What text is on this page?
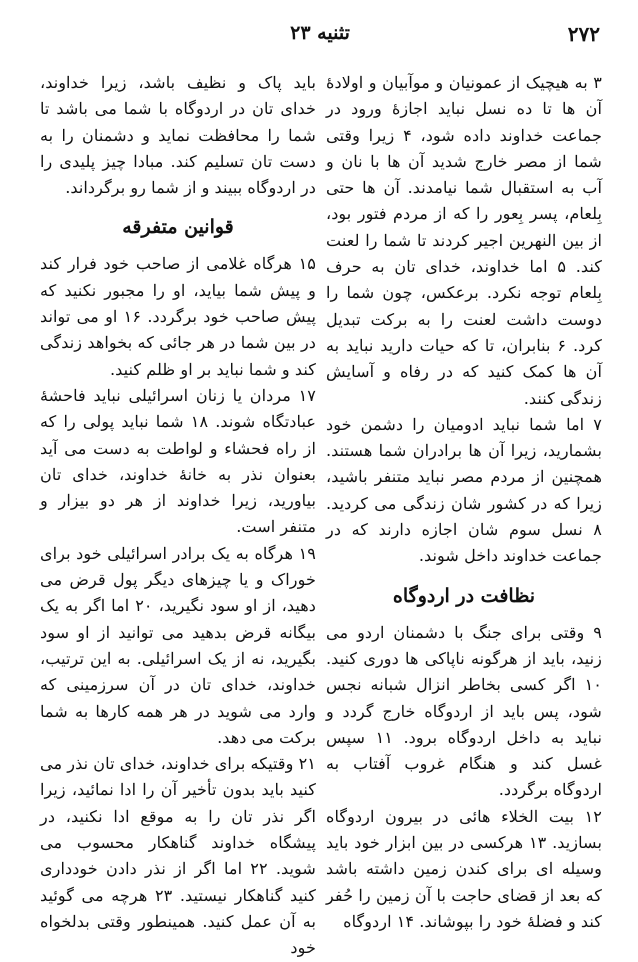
۲۷۲
تثنیه ۲۳

۳ به هیچیک از عمونیان و موآبیان و اولادهٔ آن ها تا ده نسل نباید اجازهٔ ورود در جماعت خداوند داده شود، ۴ زیرا وقتی شما از مصر خارج شدید آن ها با نان و آب به استقبال شما نیامدند. آن ها حتی بِلعام، پسر بِعور را که از مردم فتور بود، از بین النهرین اجیر کردند تا شما را لعنت کند. ۵ اما خداوند، خدای تان به حرف بِلعام توجه نکرد. برعکس، چون شما را دوست داشت لعنت را به برکت تبدیل کرد. ۶ بنابران، تا که حیات دارید نباید به آن ها کمک کنید که در رفاه و آسایش زندگی کنند.

۷ اما شما نباید ادومیان را دشمن خود بشمارید، زیرا آن ها برادران شما هستند. همچنین از مردم مصر نباید متنفر باشید، زیرا که در کشور شان زندگی می کردید. ۸ نسل سوم شان اجازه دارند که در جماعت خداوند داخل شوند.

نظافت در اردوگاه

۹ وقتی برای جنگ با دشمنان اردو می زنید، باید از هرگونه ناپاکی ها دوری کنید. ۱۰ اگر کسی بخاطر انزال شبانه نجس شود، پس باید از اردوگاه خارج گردد و نباید به داخل اردوگاه برود. ۱۱ سپس غسل کند و هنگام غروب آفتاب به اردوگاه برگردد.

۱۲ بیت الخلاء هائی در بیرون اردوگاه بسازید. ۱۳ هرکسی در بین ابزار خود باید وسیله ای برای کندن زمین داشته باشد که بعد از قضای حاجت با آن زمین را حُفر کند و فضلهٔ خود را بپوشاند. ۱۴ اردوگاه

باید پاک و نظیف باشد، زیرا خداوند، خدای تان در اردوگاه با شما می باشد تا شما را محافظت نماید و دشمنان را به دست تان تسلیم کند. مبادا چیز پلیدی را در اردوگاه ببیند و از شما رو برگرداند.

قوانین متفرقه

۱۵ هرگاه غلامی از صاحب خود فرار کند و پیش شما بیاید، او را مجبور نکنید که پیش صاحب خود برگردد. ۱۶ او می تواند در بین شما در هر جائی که بخواهد زندگی کند و شما نباید بر او ظلم کنید.

۱۷ مردان یا زنان اسرائیلی نباید فاحشهٔ عبادتگاه شوند. ۱۸ شما نباید پولی را که از راه فحشاء و لواطت به دست می آید بعنوان نذر به خانهٔ خداوند، خدای تان بیاورید، زیرا خداوند از هر دو بیزار و متنفر است.

۱۹ هرگاه به یک برادر اسرائیلی خود برای خوراک و یا چیزهای دیگر پول قرض می دهید، از او سود نگیرید، ۲۰ اما اگر به یک بیگانه قرض بدهید می توانید از او سود بگیرید، نه از یک اسرائیلی. به این ترتیب، خداوند، خدای تان در آن سرزمینی که وارد می شوید در هر همه کارها به شما برکت می دهد.

۲۱ وقتیکه برای خداوند، خدای تان نذر می کنید باید بدون تأخیر آن را ادا نمائید، زیرا اگر نذر تان را به موقع ادا نکنید، در پیشگاه خداوند گناهکار محسوب می شوید. ۲۲ اما اگر از نذر دادن خودداری کنید گناهکار نیستید. ۲۳ هرچه می گوئید به آن عمل کنید. همینطور وقتی بدلخواه خود
